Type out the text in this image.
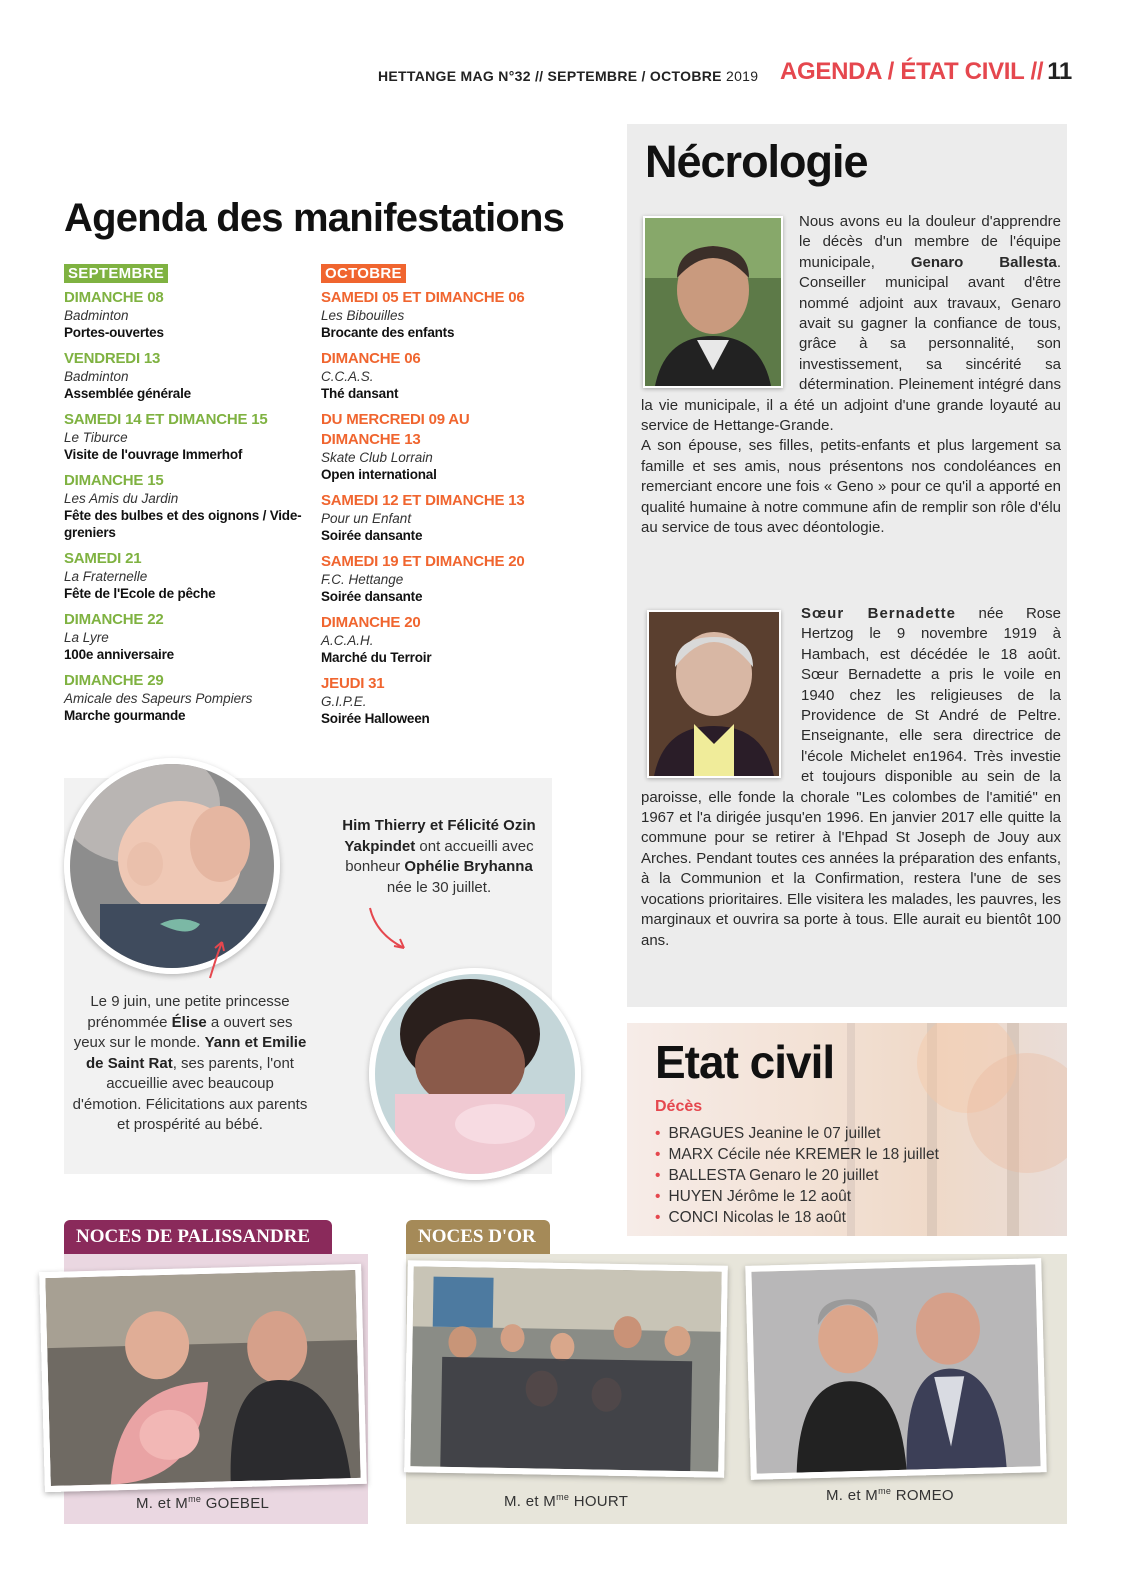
HETTANGE MAG N°32 // SEPTEMBRE / OCTOBRE 2019 AGENDA / ÉTAT CIVIL // 11
Agenda des manifestations
SEPTEMBRE
DIMANCHE 08
Badminton
Portes-ouvertes
VENDREDI 13
Badminton
Assemblée générale
SAMEDI 14 ET DIMANCHE 15
Le Tiburce
Visite de l'ouvrage Immerhof
DIMANCHE 15
Les Amis du Jardin
Fête des bulbes et des oignons / Vide-greniers
SAMEDI 21
La Fraternelle
Fête de l'Ecole de pêche
DIMANCHE 22
La Lyre
100e anniversaire
DIMANCHE 29
Amicale des Sapeurs Pompiers
Marche gourmande
OCTOBRE
SAMEDI 05 ET DIMANCHE 06
Les Bibouilles
Brocante des enfants
DIMANCHE 06
C.C.A.S.
Thé dansant
DU MERCREDI 09 AU DIMANCHE 13
Skate Club Lorrain
Open international
SAMEDI 12 ET DIMANCHE 13
Pour un Enfant
Soirée dansante
SAMEDI 19 ET DIMANCHE 20
F.C. Hettange
Soirée dansante
DIMANCHE 20
A.C.A.H.
Marché du Terroir
JEUDI 31
G.I.P.E.
Soirée Halloween
Him Thierry et Félicité Ozin Yakpindet ont accueilli avec bonheur Ophélie Bryhanna
née le 30 juillet.
Le 9 juin, une petite princesse prénommée Élise a ouvert ses yeux sur le monde. Yann et Emilie de Saint Rat, ses parents, l'ont accueillie avec beaucoup d'émotion. Félicitations aux parents et prospérité au bébé.
Nécrologie

Nous avons eu la douleur d'apprendre le décès d'un membre de l'équipe municipale, Genaro Ballesta. Conseiller municipal avant d'être nommé adjoint aux travaux, Genaro avait su gagner la confiance de tous, grâce à sa personnalité, son investissement, sa sincérité sa détermination. Pleinement intégré dans la vie municipale, il a été un adjoint d'une grande loyauté au service de Hettange-Grande.

A son épouse, ses filles, petits-enfants et plus largement sa famille et ses amis, nous présentons nos condoléances en remerciant encore une fois « Geno » pour ce qu'il a apporté en qualité humaine à notre commune afin de remplir son rôle d'élu au service de tous avec déontologie.

Sœur Bernadette née Rose Hertzog le 9 novembre 1919 à Hambach, est décédée le 18 août. Sœur Bernadette a pris le voile en 1940 chez les religieuses de la Providence de St André de Peltre. Enseignante, elle sera directrice de l'école Michelet en1964. Très investie et toujours disponible au sein de la paroisse, elle fonde la chorale "Les colombes de l'amitié" en 1967 et l'a dirigée jusqu'en 1996. En janvier 2017 elle quitte la commune pour se retirer à l'Ehpad St Joseph de Jouy aux Arches. Pendant toutes ces années la préparation des enfants, à la Communion et la Confirmation, restera l'une de ses vocations prioritaires. Elle visitera les malades, les pauvres, les marginaux et ouvrira sa porte à tous. Elle aurait eu bientôt 100 ans.

Etat civil
Décès
• BRAGUES Jeanine le 07 juillet
• MARX Cécile née KREMER le 18 juillet
• BALLESTA Genaro le 20 juillet
• HUYEN Jérôme le 12 août
• CONCI Nicolas le 18 août
NOCES DE PALISSANDRE	NOCES D'OR
M. et $M^{me}$ GOEBEL	M. et $M^{me}$ HOURT	M. et $M^{me}$ ROMEO
